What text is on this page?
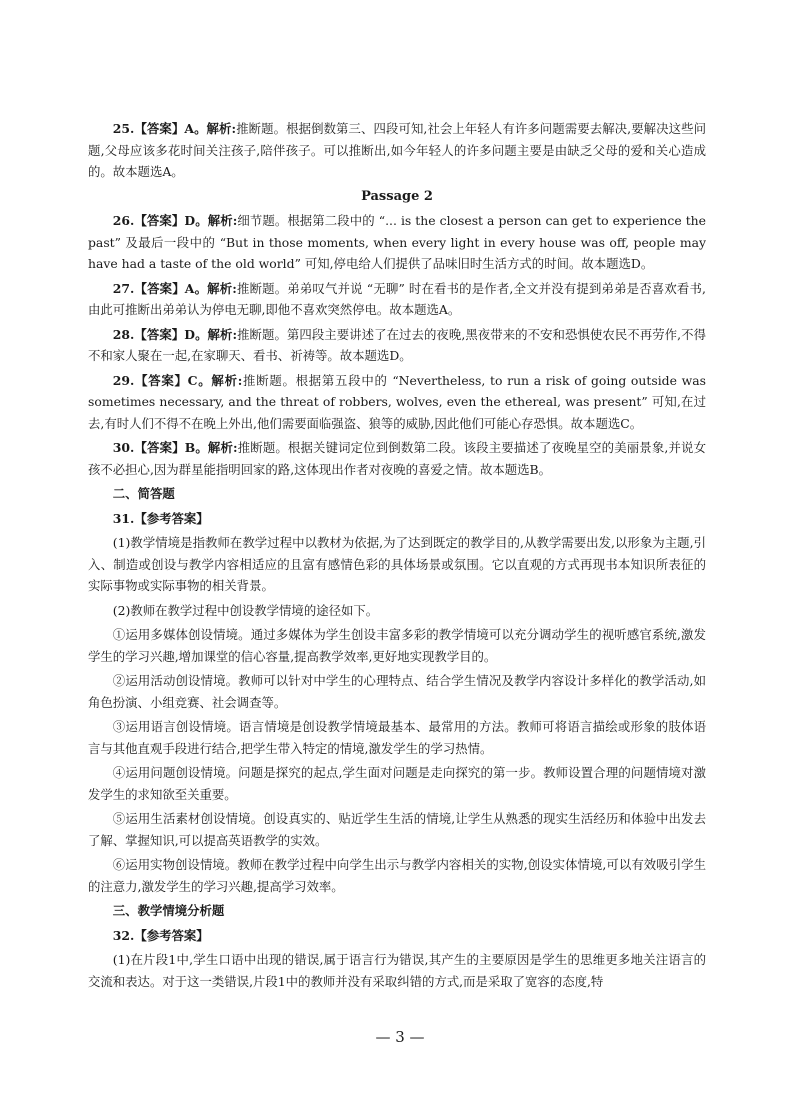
25.【答案】A。解析:推断题。根据倒数第三、四段可知,社会上年轻人有许多问题需要去解决,要解决这些问题,父母应该多花时间关注孩子,陪伴孩子。可以推断出,如今年轻人的许多问题主要是由缺乏父母的爱和关心造成的。故本题选A。

Passage 2

26.【答案】D。解析:细节题。根据第二段中的 “... is the closest a person can get to experience the past” 及最后一段中的 “But in those moments, when every light in every house was off, people may have had a taste of the old world” 可知,停电给人们提供了品味旧时生活方式的时间。故本题选D。

27.【答案】A。解析:推断题。弟弟叹气并说 “无聊” 时在看书的是作者,全文并没有提到弟弟是否喜欢看书,由此可推断出弟弟认为停电无聊,即他不喜欢突然停电。故本题选A。

28.【答案】D。解析:推断题。第四段主要讲述了在过去的夜晚,黑夜带来的不安和恐惧使农民不再劳作,不得不和家人聚在一起,在家聊天、看书、祈祷等。故本题选D。

29.【答案】C。解析:推断题。根据第五段中的 “Nevertheless, to run a risk of going outside was sometimes necessary, and the threat of robbers, wolves, even the ethereal, was present” 可知,在过去,有时人们不得不在晚上外出,他们需要面临强盗、狼等的威胁,因此他们可能心存恐惧。故本题选C。

30.【答案】B。解析:推断题。根据关键词定位到倒数第二段。该段主要描述了夜晚星空的美丽景象,并说女孩不必担心,因为群星能指明回家的路,这体现出作者对夜晚的喜爱之情。故本题选B。

二、简答题
31.【参考答案】

(1)教学情境是指教师在教学过程中以教材为依据,为了达到既定的教学目的,从教学需要出发,以形象为主题,引入、制造或创设与教学内容相适应的且富有感情色彩的具体场景或氛围。它以直观的方式再现书本知识所表征的实际事物或实际事物的相关背景。

(2)教师在教学过程中创设教学情境的途径如下。

①运用多媒体创设情境。通过多媒体为学生创设丰富多彩的教学情境可以充分调动学生的视听感官系统,激发学生的学习兴趣,增加课堂的信心容量,提高教学效率,更好地实现教学目的。

②运用活动创设情境。教师可以针对中学生的心理特点、结合学生情况及教学内容设计多样化的教学活动,如角色扮演、小组竞赛、社会调查等。

③运用语言创设情境。语言情境是创设教学情境最基本、最常用的方法。教师可将语言描绘或形象的肢体语言与其他直观手段进行结合,把学生带入特定的情境,激发学生的学习热情。

④运用问题创设情境。问题是探究的起点,学生面对问题是走向探究的第一步。教师设置合理的问题情境对激发学生的求知欲至关重要。

⑤运用生活素材创设情境。创设真实的、贴近学生生活的情境,让学生从熟悉的现实生活经历和体验中出发去了解、掌握知识,可以提高英语教学的实效。

⑥运用实物创设情境。教师在教学过程中向学生出示与教学内容相关的实物,创设实体情境,可以有效吸引学生的注意力,激发学生的学习兴趣,提高学习效率。

三、教学情境分析题
32.【参考答案】

(1)在片段1中,学生口语中出现的错误,属于语言行为错误,其产生的主要原因是学生的思维更多地关注语言的交流和表达。对于这一类错误,片段1中的教师并没有采取纠错的方式,而是采取了宽容的态度,特

— 3 —
